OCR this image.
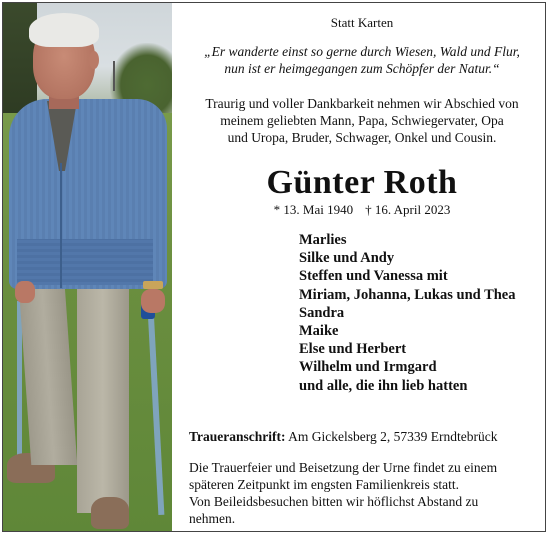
Statt Karten
„Er wanderte einst so gerne durch Wiesen, Wald und Flur,
nun ist er heimgegangen zum Schöpfer der Natur.“
Traurig und voller Dankbarkeit nehmen wir Abschied von
meinem geliebten Mann, Papa, Schwiegervater, Opa
und Uropa, Bruder, Schwager, Onkel und Cousin.
Günter Roth
* 13. Mai 1940 † 16. April 2023
Marlies
Silke und Andy
Steffen und Vanessa mit
Miriam, Johanna, Lukas und Thea
Sandra
Maike
Else und Herbert
Wilhelm und Irmgard
und alle, die ihn lieb hatten
Traueranschrift: Am Gickelsberg 2, 57339 Erndtebrück
Die Trauerfeier und Beisetzung der Urne findet zu einem
späteren Zeitpunkt im engsten Familienkreis statt.
Von Beileidsbesuchen bitten wir höflichst Abstand zu
nehmen.
